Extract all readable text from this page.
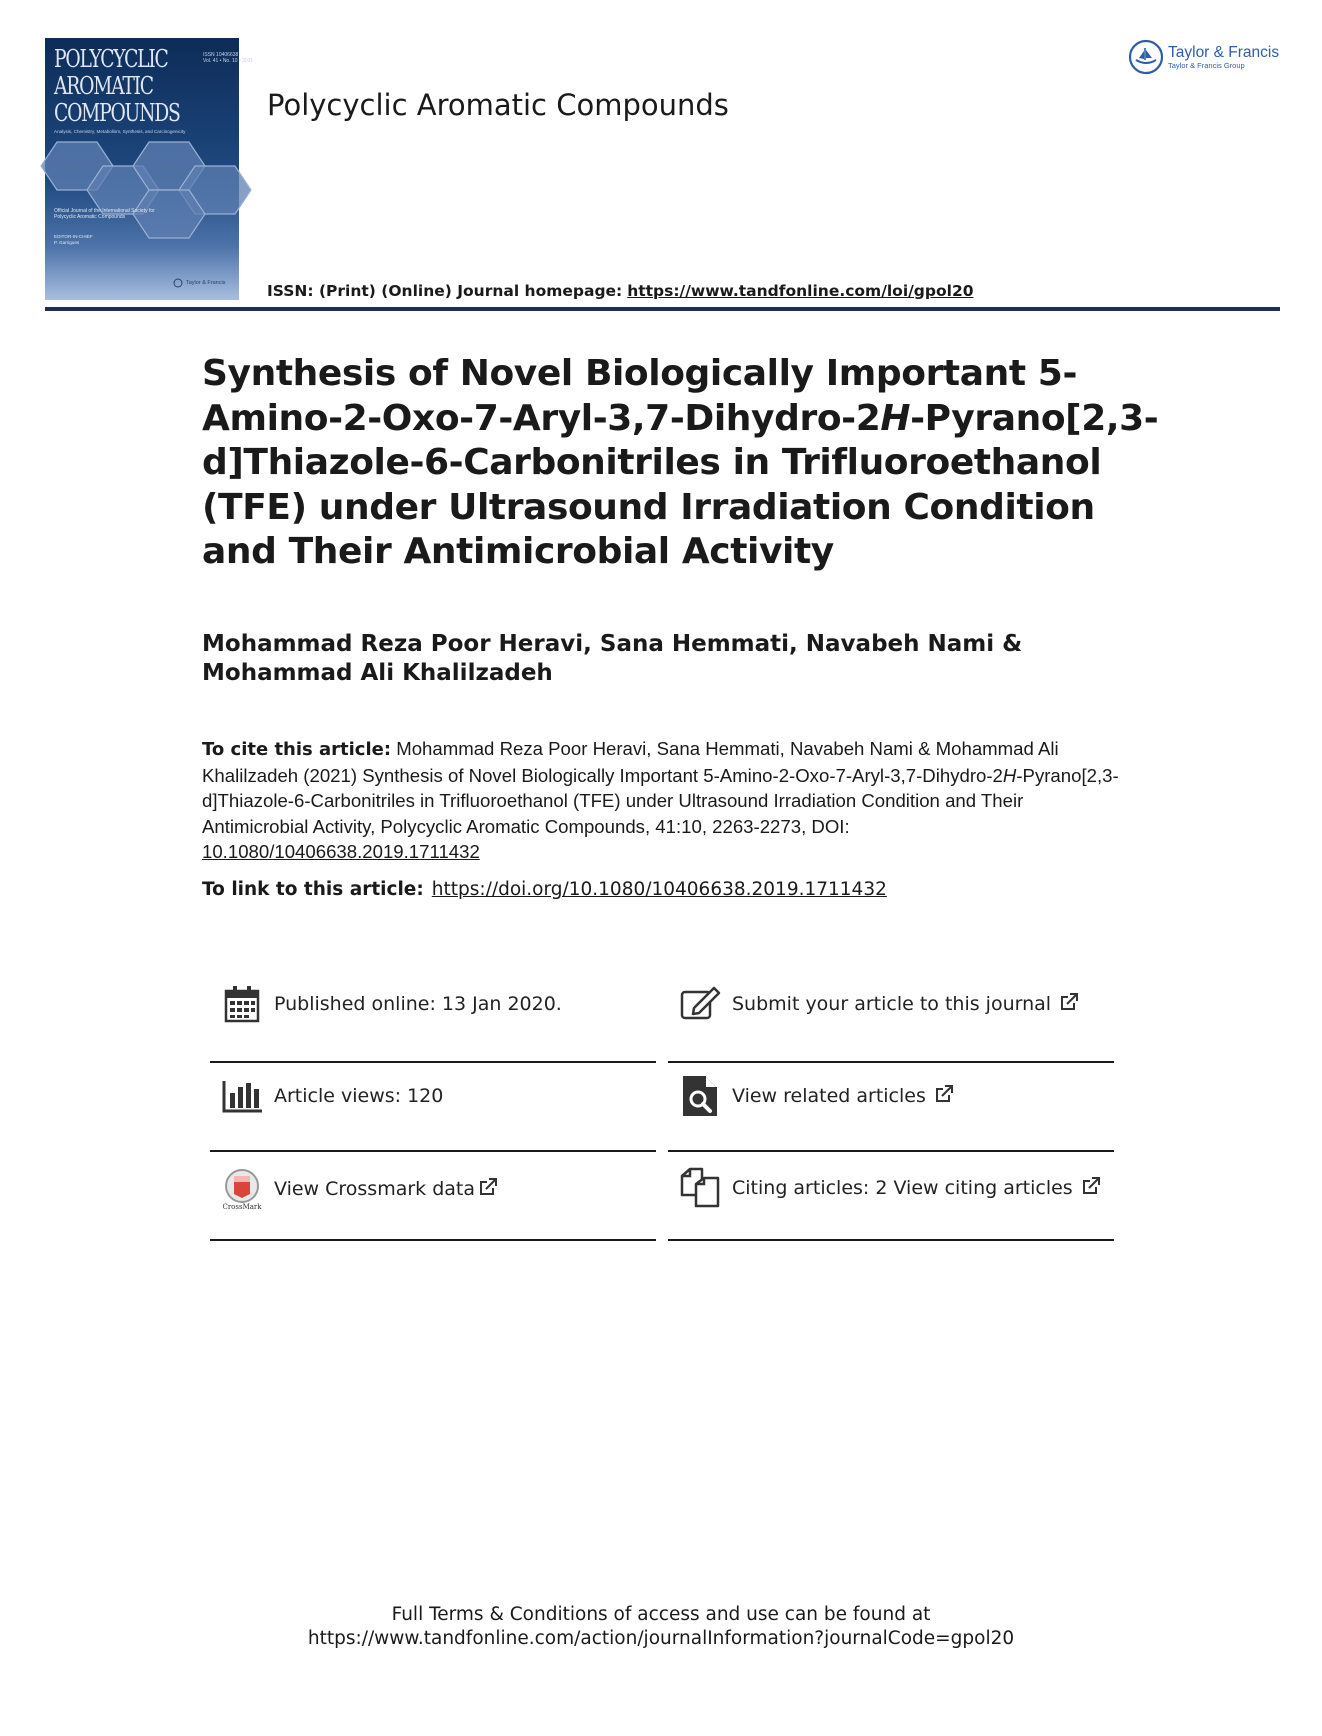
POLYCYCLIC
AROMATIC
COMPOUNDS
ISSN 10406638
Vol. 41 • No. 10 • 2021
Analysis, Chemistry, Metabolism, Synthesis, and Carcinogenicity
Official Journal of the International Society for Polycyclic Aromatic Compounds
EDITOR-IN-CHIEF
P. Garrigues
Taylor & Francis
Polycyclic Aromatic Compounds
ISSN: (Print) (Online) Journal homepage: https://www.tandfonline.com/loi/gpol20
Taylor & Francis
Taylor & Francis Group
Synthesis of Novel Biologically Important 5-Amino-2-Oxo-7-Aryl-3,7-Dihydro-2H-Pyrano[2,3-d]Thiazole-6-Carbonitriles in Trifluoroethanol (TFE) under Ultrasound Irradiation Condition and Their Antimicrobial Activity
Mohammad Reza Poor Heravi, Sana Hemmati, Navabeh Nami & Mohammad Ali Khalilzadeh
To cite this article: Mohammad Reza Poor Heravi, Sana Hemmati, Navabeh Nami & Mohammad Ali Khalilzadeh (2021) Synthesis of Novel Biologically Important 5-Amino-2-Oxo-7-Aryl-3,7-Dihydro-2H-Pyrano[2,3-d]Thiazole-6-Carbonitriles in Trifluoroethanol (TFE) under Ultrasound Irradiation Condition and Their Antimicrobial Activity, Polycyclic Aromatic Compounds, 41:10, 2263-2273, DOI: 10.1080/10406638.2019.1711432
To link to this article: https://doi.org/10.1080/10406638.2019.1711432
Published online: 13 Jan 2020.	Submit your article to this journal
Article views: 120	View related articles
CrossMark
View Crossmark data	Citing articles: 2 View citing articles
Full Terms & Conditions of access and use can be found at
https://www.tandfonline.com/action/journalInformation?journalCode=gpol20
